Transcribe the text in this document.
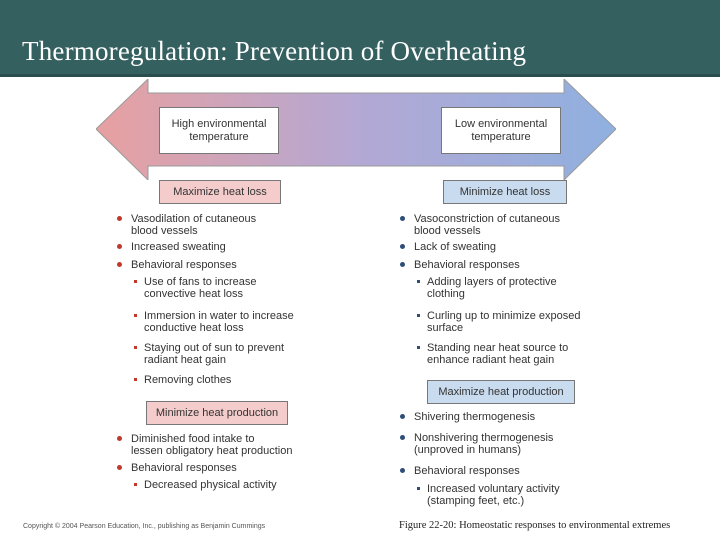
Thermoregulation: Prevention of Overheating
High environmental
temperature
Low environmental
temperature
Maximize heat loss	Minimize heat loss
Vasodilation of cutaneous
blood vessels
Increased sweating
Behavioral responses
Use of fans to increase
convective heat loss
Immersion in water to increase
conductive heat loss
Staying out of sun to prevent
radiant heat gain
Removing clothes
Minimize heat production
Diminished food intake to
lessen obligatory heat production
Behavioral responses
Decreased physical activity
Vasoconstriction of cutaneous
blood vessels
Lack of sweating
Behavioral responses
Adding layers of protective
clothing
Curling up to minimize exposed
surface
Standing near heat source to
enhance radiant heat gain
Maximize heat production
Shivering thermogenesis
Nonshivering thermogenesis
(unproved in humans)
Behavioral responses
Increased voluntary activity
(stamping feet, etc.)
Copyright © 2004 Pearson Education, Inc., publishing as Benjamin Cummings	Figure 22-20: Homeostatic responses to environmental extremes
